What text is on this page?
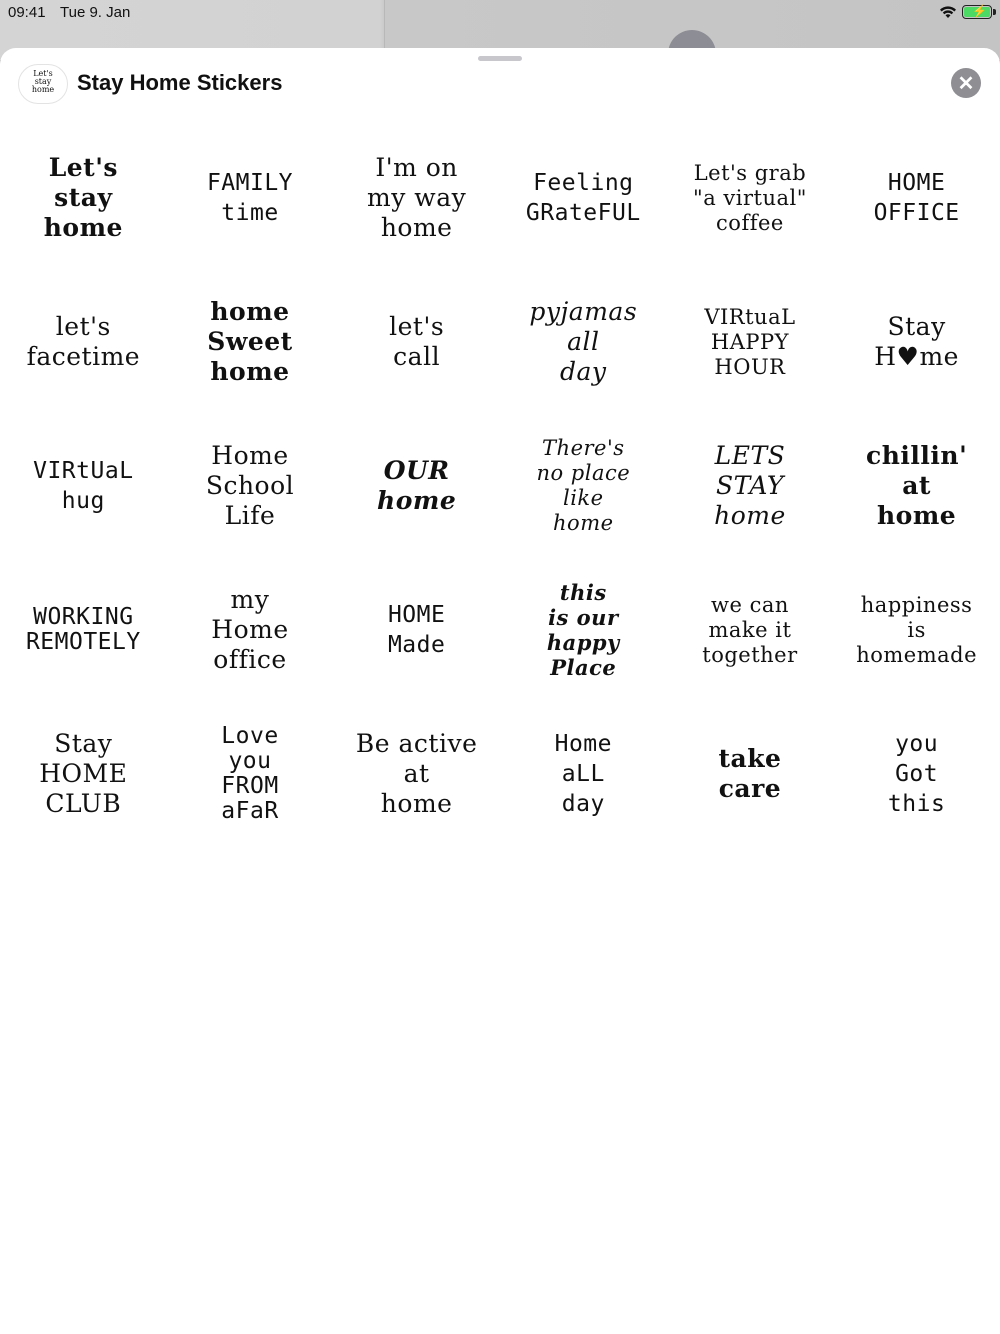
09:41 Tue 9. Jan	⚡
Let's
stay
home	Stay Home Stickers	✕
Let's
stay
home
FAMILY
time
I'm on
my way
home
Feeling
GRateFUL
Let's grab
"a virtual"
coffee
HOME
OFFICE
let's
facetime
home
Sweet
home
let's
call
pyjamas
all
day
VIRtuaL
HAPPY
HOUR
Stay
H♥me
VIRtUaL
hug
Home
School
Life
OUR
home
There's
no place
like
home
LETS
STAY
home
chillin'
at
home
WORKING
REMOTELY
my
Home
office
HOME
Made
this
is our
happy
Place
we can
make it
together
happiness
is
homemade
Stay
HOME
CLUB
Love
you
FROM
aFaR
Be active
at
home
Home
aLL
day
take
care
you
Got
this
